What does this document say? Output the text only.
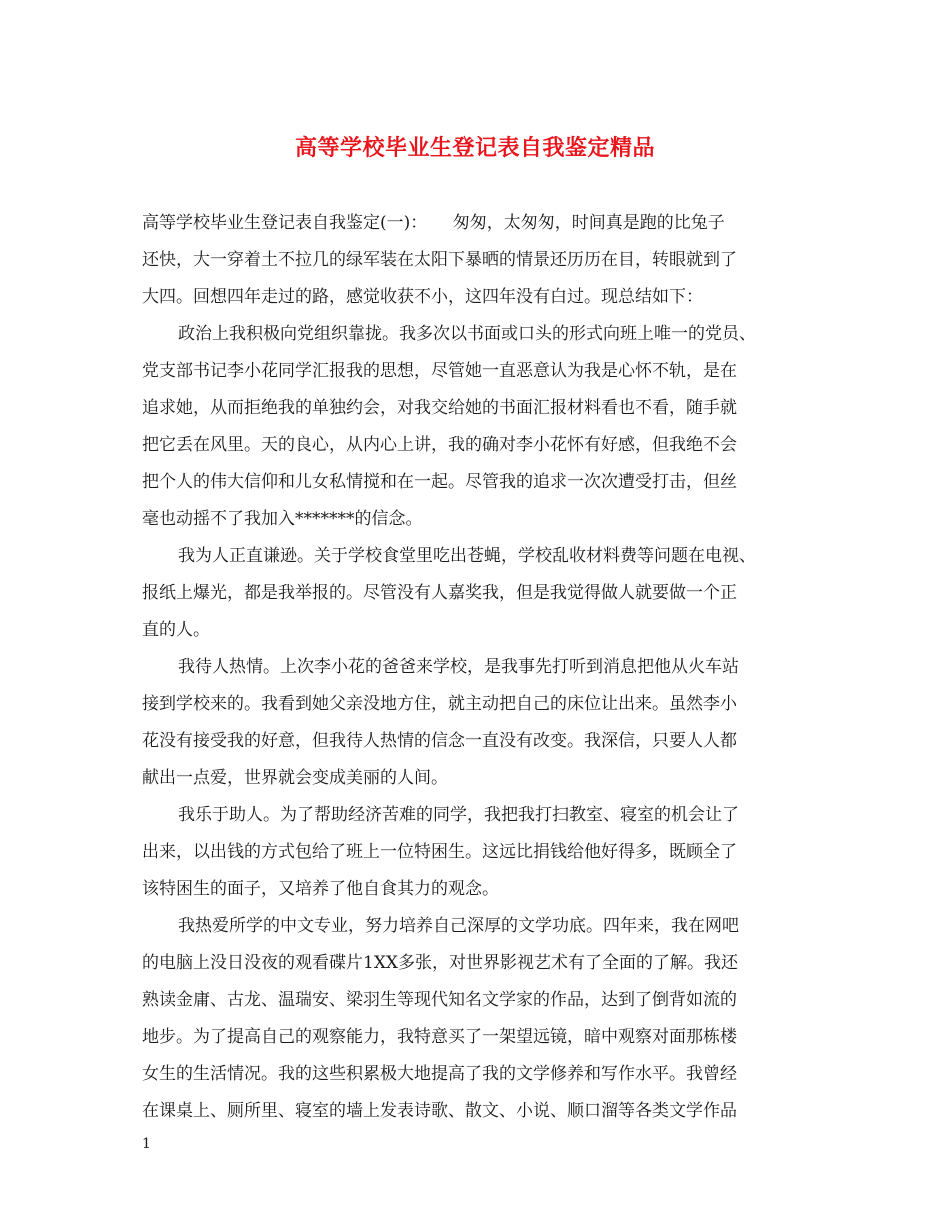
高等学校毕业生登记表自我鉴定精品
高等学校毕业生登记表自我鉴定(一)：　　匆匆，太匆匆，时间真是跑的比兔子
还快，大一穿着土不拉几的绿军装在太阳下暴晒的情景还历历在目，转眼就到了
大四。回想四年走过的路，感觉收获不小，这四年没有白过。现总结如下：
政治上我积极向党组织靠拢。我多次以书面或口头的形式向班上唯一的党员、
党支部书记李小花同学汇报我的思想，尽管她一直恶意认为我是心怀不轨，是在
追求她，从而拒绝我的单独约会，对我交给她的书面汇报材料看也不看，随手就
把它丢在风里。天的良心，从内心上讲，我的确对李小花怀有好感，但我绝不会
把个人的伟大信仰和儿女私情搅和在一起。尽管我的追求一次次遭受打击，但丝
毫也动摇不了我加入*******的信念。
我为人正直谦逊。关于学校食堂里吃出苍蝇，学校乱收材料费等问题在电视、
报纸上爆光，都是我举报的。尽管没有人嘉奖我，但是我觉得做人就要做一个正
直的人。
我待人热情。上次李小花的爸爸来学校，是我事先打听到消息把他从火车站
接到学校来的。我看到她父亲没地方住，就主动把自己的床位让出来。虽然李小
花没有接受我的好意，但我待人热情的信念一直没有改变。我深信，只要人人都
献出一点爱，世界就会变成美丽的人间。
我乐于助人。为了帮助经济苦难的同学，我把我打扫教室、寝室的机会让了
出来，以出钱的方式包给了班上一位特困生。这远比捐钱给他好得多，既顾全了
该特困生的面子，又培养了他自食其力的观念。
我热爱所学的中文专业，努力培养自己深厚的文学功底。四年来，我在网吧
的电脑上没日没夜的观看碟片1XX多张，对世界影视艺术有了全面的了解。我还
熟读金庸、古龙、温瑞安、梁羽生等现代知名文学家的作品，达到了倒背如流的
地步。为了提高自己的观察能力，我特意买了一架望远镜，暗中观察对面那栋楼
女生的生活情况。我的这些积累极大地提高了我的文学修养和写作水平。我曾经
在课桌上、厕所里、寝室的墙上发表诗歌、散文、小说、顺口溜等各类文学作品
1
